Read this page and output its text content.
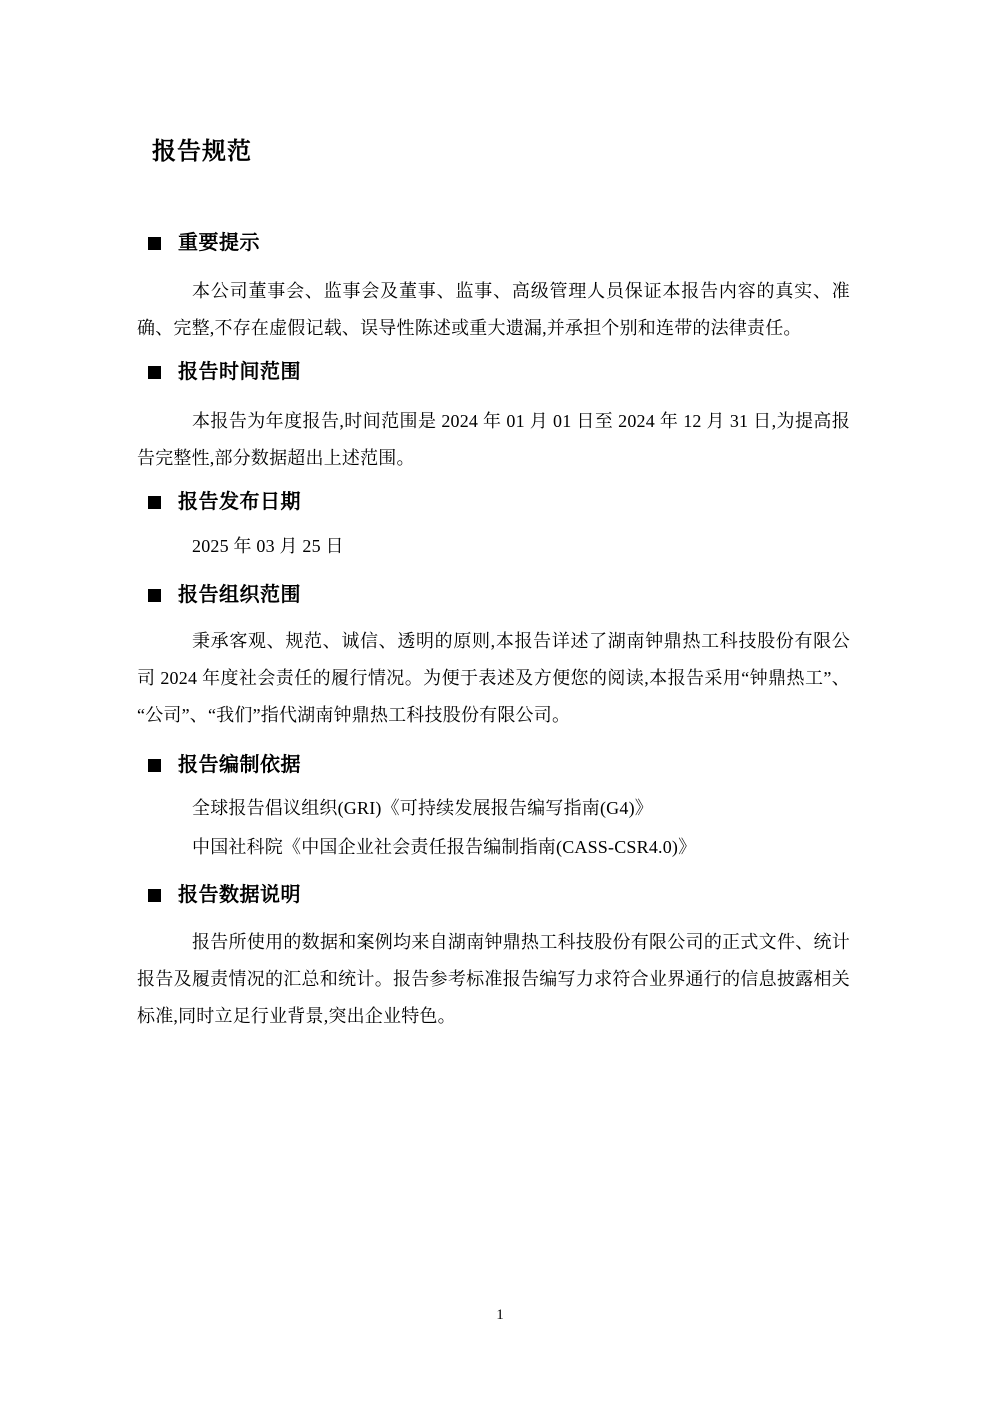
报告规范
重要提示

本公司董事会、监事会及董事、监事、高级管理人员保证本报告内容的真实、准确、完整,不存在虚假记载、误导性陈述或重大遗漏,并承担个别和连带的法律责任。

报告时间范围

本报告为年度报告,时间范围是 2024 年 01 月 01 日至 2024 年 12 月 31 日,为提高报告完整性,部分数据超出上述范围。

报告发布日期

2025 年 03 月 25 日

报告组织范围

秉承客观、规范、诚信、透明的原则,本报告详述了湖南钟鼎热工科技股份有限公司 2024 年度社会责任的履行情况。为便于表述及方便您的阅读,本报告采用“钟鼎热工”、“公司”、“我们”指代湖南钟鼎热工科技股份有限公司。

报告编制依据

全球报告倡议组织(GRI)《可持续发展报告编写指南(G4)》

中国社科院《中国企业社会责任报告编制指南(CASS-CSR4.0)》

报告数据说明

报告所使用的数据和案例均来自湖南钟鼎热工科技股份有限公司的正式文件、统计报告及履责情况的汇总和统计。报告参考标准报告编写力求符合业界通行的信息披露相关标准,同时立足行业背景,突出企业特色。

1
